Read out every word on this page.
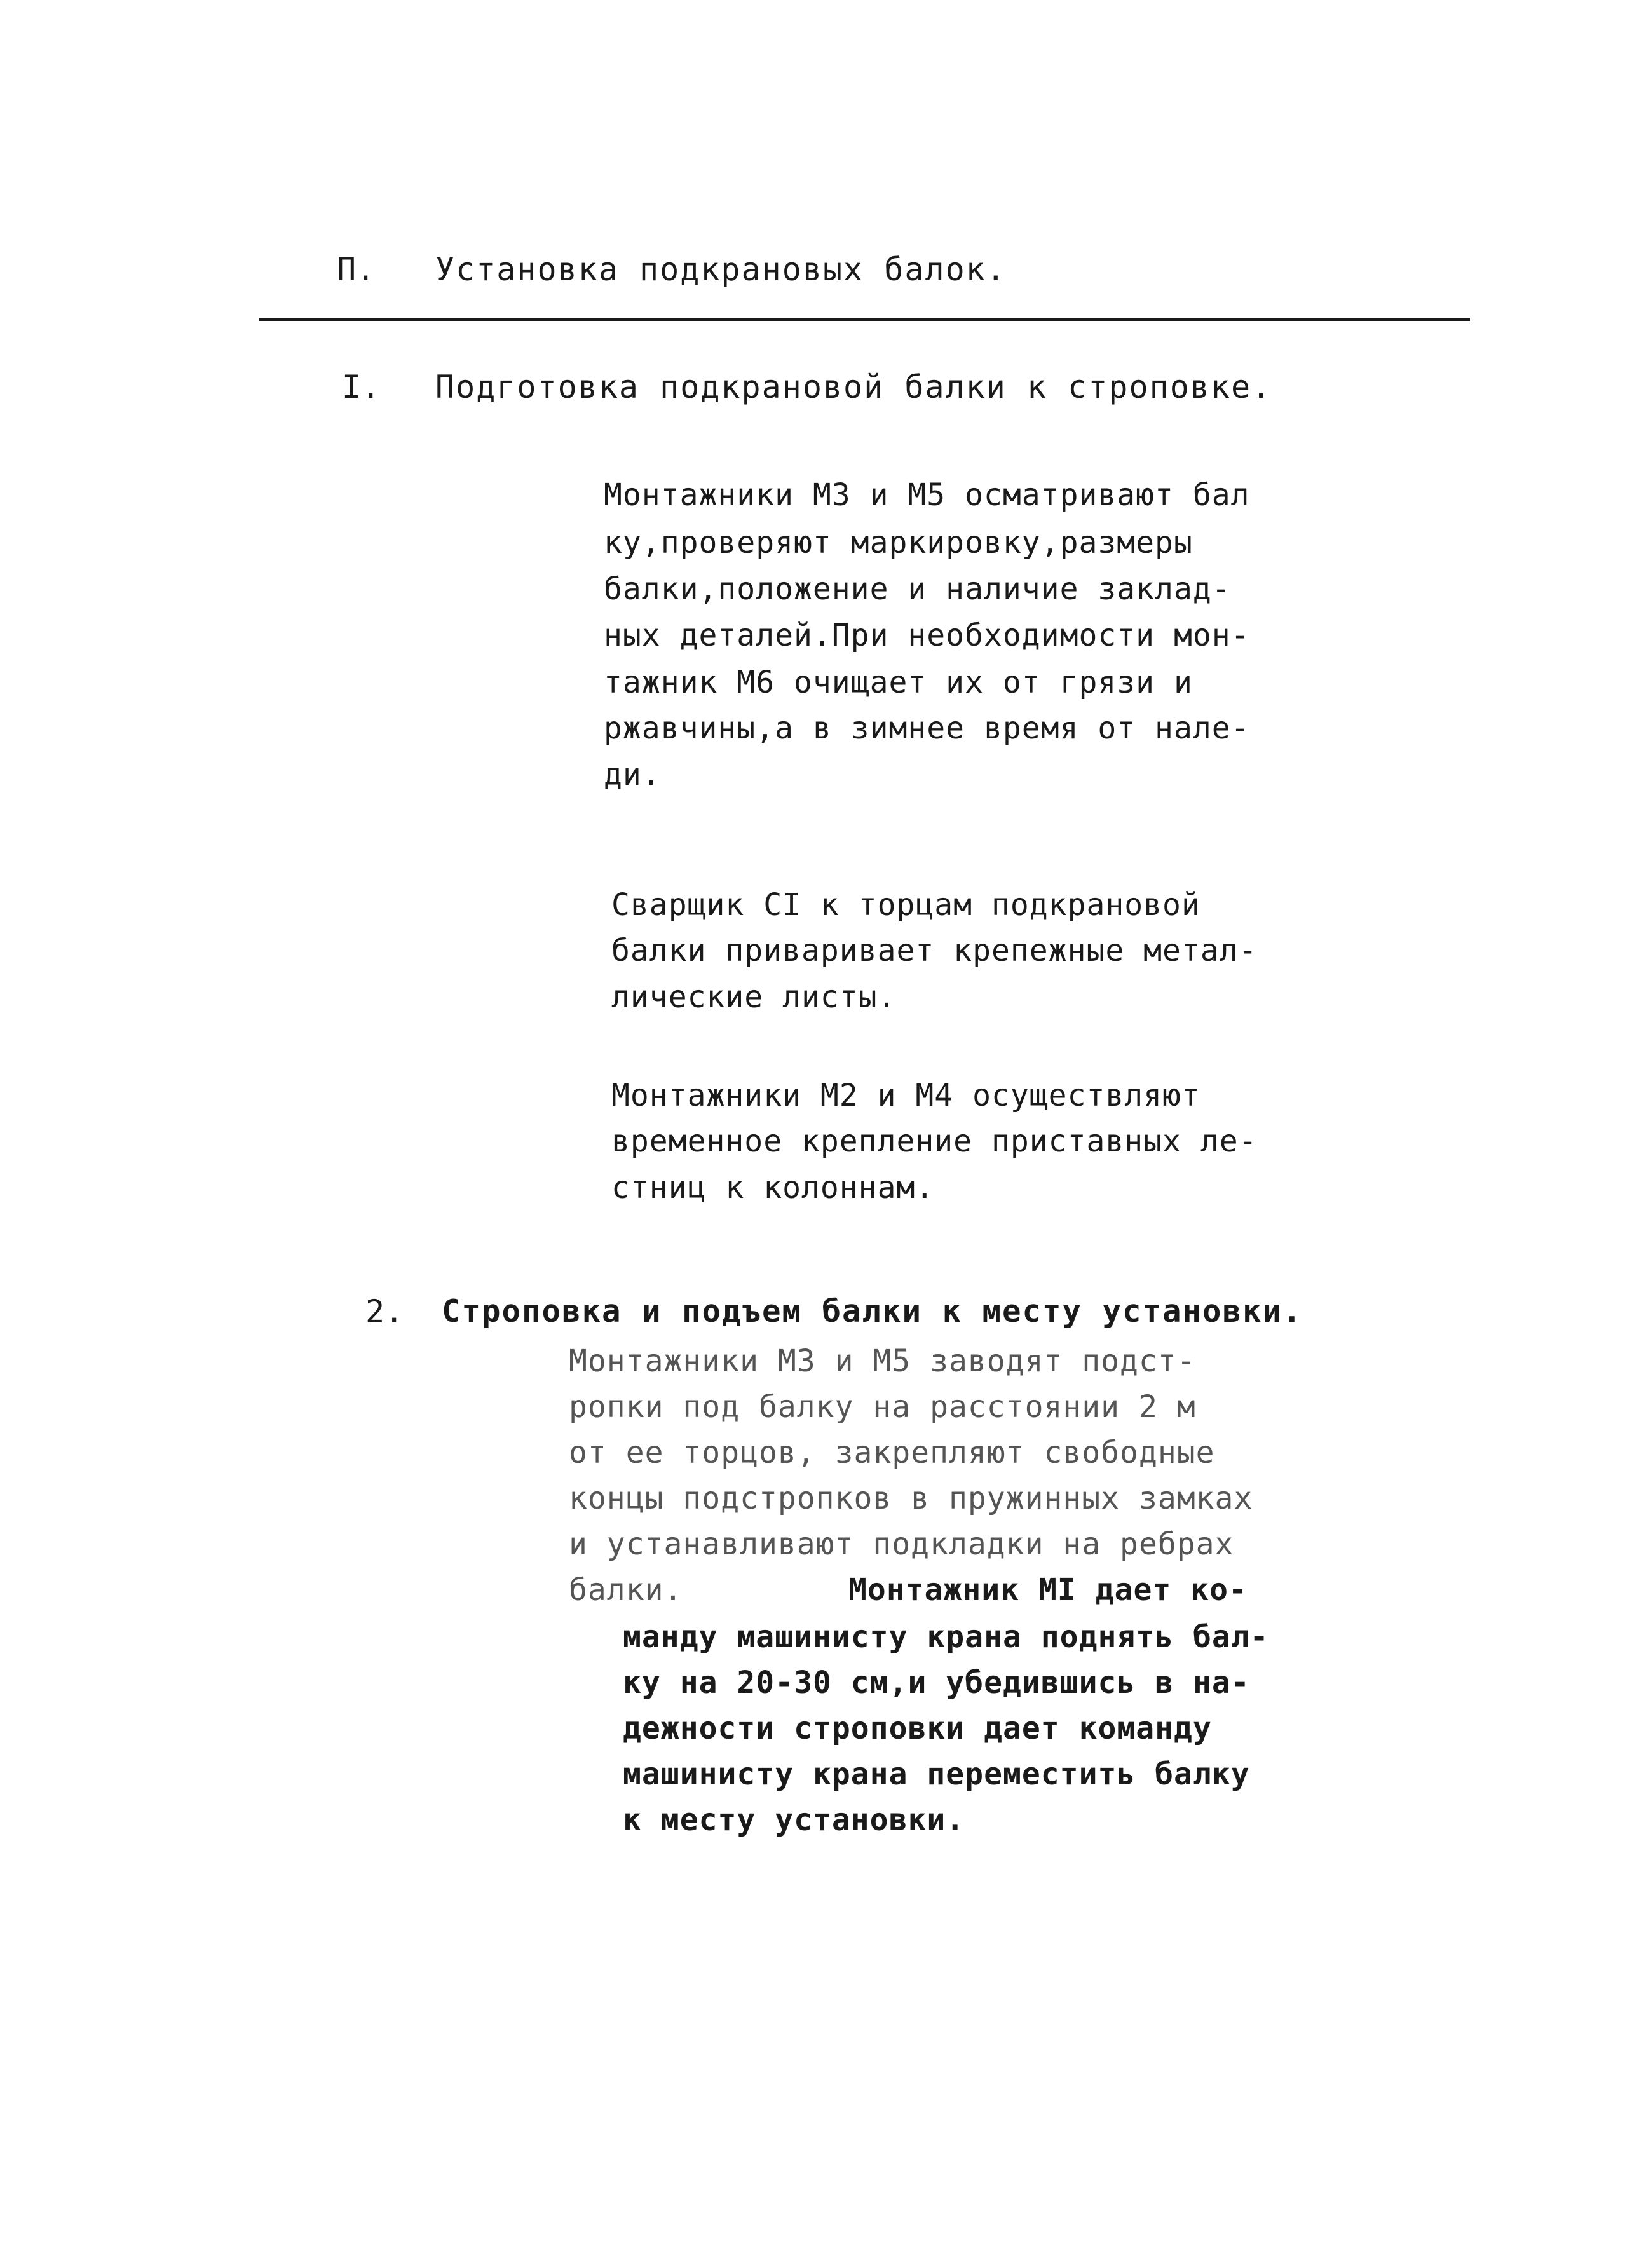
П. Установка подкрановых балок.
I. Подготовка подкрановой балки к строповке.
Монтажники М3 и М5 осматривают бал
ку,проверяют маркировку,размеры
балки,положение и наличие заклад-
ных деталей.При необходимости мон-
тажник М6 очищает их от грязи и
ржавчины,а в зимнее время от нале-
ди.
Сварщик СI к торцам подкрановой
балки приваривает крепежные метал-
лические листы.
Монтажники М2 и М4 осуществляют
временное крепление приставных ле-
стниц к колоннам.
2. Строповка и подъем балки к месту установки.
Монтажники М3 и М5 заводят подст-
ропки под балку на расстоянии 2 м
от ее торцов, закрепляют свободные
концы подстропков в пружинных замках
и устанавливают подкладки на ребрах
балки.	Монтажник МI дает ко-
манду машинисту крана поднять бал-
ку на 20-30 см,и убедившись в на-
дежности строповки дает команду
машинисту крана переместить балку
к месту установки.
